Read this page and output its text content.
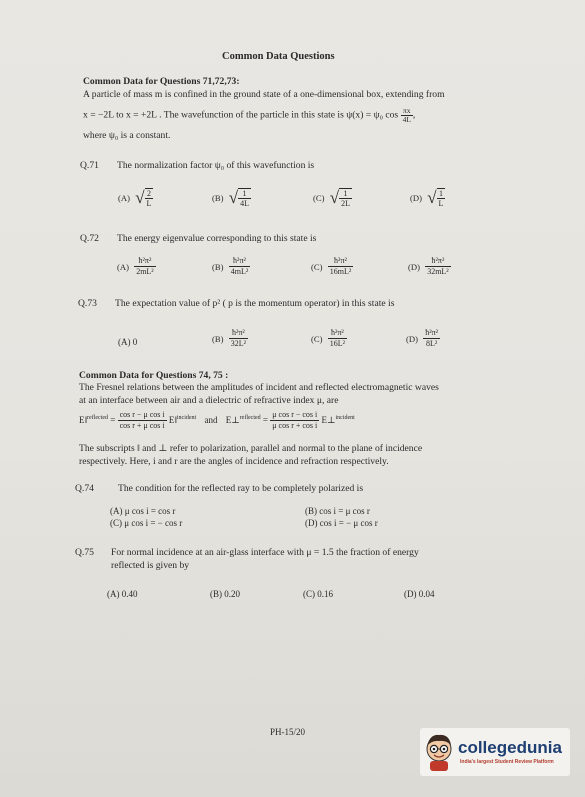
Common Data Questions
Common Data for Questions 71,72,73:
A particle of mass m is confined in the ground state of a one-dimensional box, extending from
x = −2L to x = +2L . The wavefunction of the particle in this state is ψ(x) = ψ₀ $\cos \frac{\pi x}{4L}$ ,
where ψ₀ is a constant.
Q.71 The normalization factor ψ₀ of this wavefunction is
(A) √ $\frac{2}{L}$	(B) √ $\frac{1}{4L}$	(C) √ $\frac{1}{2L}$	(D) √ $\frac{1}{L}$
Q.72 The energy eigenvalue corresponding to this state is
$(A) \frac{\text{ħ²π²}}{\text{2mL²}}$	$(B) \frac{\text{ħ²π²}}{\text{4mL²}}$	$(C) \frac{\text{ħ²π²}}{\text{16mL²}}$	$(D) \frac{\text{ħ²π²}}{\text{32mL²}}$
Q.73 The expectation value of p² ( p is the momentum operator) in this state is
(A) 0	$(B) \frac{\text{ħ²π²}}{\text{32L²}}$	$(C) \frac{\text{ħ²π²}}{\text{16L²}}$	$(D) \frac{\text{ħ²π²}}{\text{8L²}}$
Common Data for Questions 74, 75 :
The Fresnel relations between the amplitudes of incident and reflected electromagnetic waves
at an interface between air and a dielectric of refractive index μ, are
E‖$^{reflected}$ = $\frac{\text{cos r − μ cos i}}{\text{cos r + μ cos i}}$ E‖$^{incident}$ and E⊥$^{reflected}$ = $\frac{\text{μ cos r − cos i}}{\text{μ cos r + cos i}}$ E⊥$^{incident}$
The subscripts ‖ and ⊥ refer to polarization, parallel and normal to the plane of incidence
respectively. Here, i and r are the angles of incidence and refraction respectively.
Q.74	The condition for the reflected ray to be completely polarized is
(A) μ cos i = cos r	(B) cos i = μ cos r
(C) μ cos i = − cos r	(D) cos i = − μ cos r
Q.75 For normal incidence at an air-glass interface with μ = 1.5 the fraction of energy
reflected is given by
(A) 0.40	(B) 0.20	(C) 0.16	(D) 0.04
PH-15/20
collegedunia
India's largest Student Review Platform
